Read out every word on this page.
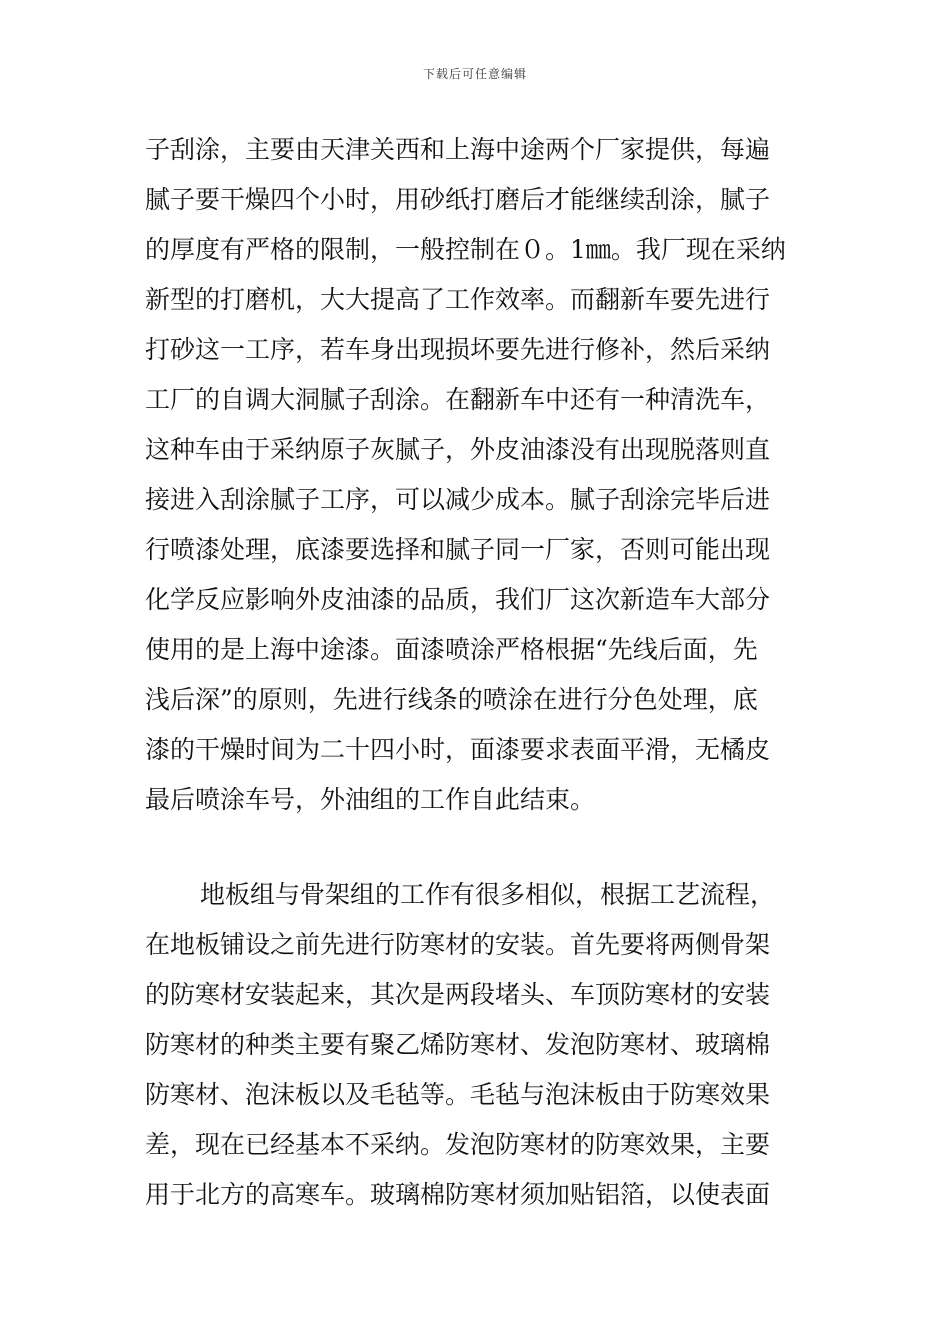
下载后可任意编辑
子刮涂，主要由天津关西和上海中途两个厂家提供，每遍
腻子要干燥四个小时，用砂纸打磨后才能继续刮涂，腻子
的厚度有严格的限制，一般控制在０。1㎜。我厂现在采纳
新型的打磨机，大大提高了工作效率。而翻新车要先进行
打砂这一工序，若车身出现损坏要先进行修补，然后采纳
工厂的自调大洞腻子刮涂。在翻新车中还有一种清洗车，
这种车由于采纳原子灰腻子，外皮油漆没有出现脱落则直
接进入刮涂腻子工序，可以减少成本。腻子刮涂完毕后进
行喷漆处理，底漆要选择和腻子同一厂家，否则可能出现
化学反应影响外皮油漆的品质，我们厂这次新造车大部分
使用的是上海中途漆。面漆喷涂严格根据“先线后面，先
浅后深”的原则，先进行线条的喷涂在进行分色处理，底
漆的干燥时间为二十四小时，面漆要求表面平滑，无橘皮
最后喷涂车号，外油组的工作自此结束。
地板组与骨架组的工作有很多相似，根据工艺流程，
在地板铺设之前先进行防寒材的安装。首先要将两侧骨架
的防寒材安装起来，其次是两段堵头、车顶防寒材的安装
防寒材的种类主要有聚乙烯防寒材、发泡防寒材、玻璃棉
防寒材、泡沫板以及毛毡等。毛毡与泡沫板由于防寒效果
差，现在已经基本不采纳。发泡防寒材的防寒效果，主要
用于北方的高寒车。玻璃棉防寒材须加贴铝箔，以使表面
